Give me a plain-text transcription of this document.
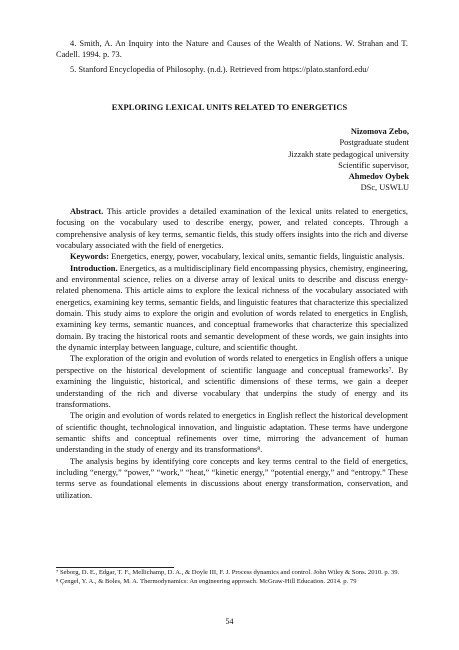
4. Smith, A. An Inquiry into the Nature and Causes of the Wealth of Nations. W. Strahan and T. Cadell. 1994. p. 73.

5. Stanford Encyclopedia of Philosophy. (n.d.). Retrieved from https://plato.stanford.edu/

EXPLORING LEXICAL UNITS RELATED TO ENERGETICS
Nizomova Zebo,
Postgraduate student
Jizzakh state pedagogical university
Scientific supervisor,
Ahmedov Oybek
DSc, USWLU

Abstract. This article provides a detailed examination of the lexical units related to energetics, focusing on the vocabulary used to describe energy, power, and related concepts. Through a comprehensive analysis of key terms, semantic fields, this study offers insights into the rich and diverse vocabulary associated with the field of energetics.

Keywords: Energetics, energy, power, vocabulary, lexical units, semantic fields, linguistic analysis.

Introduction. Energetics, as a multidisciplinary field encompassing physics, chemistry, engineering, and environmental science, relies on a diverse array of lexical units to describe and discuss energy-related phenomena. This article aims to explore the lexical richness of the vocabulary associated with energetics, examining key terms, semantic fields, and linguistic features that characterize this specialized domain. This study aims to explore the origin and evolution of words related to energetics in English, examining key terms, semantic nuances, and conceptual frameworks that characterize this specialized domain. By tracing the historical roots and semantic development of these words, we gain insights into the dynamic interplay between language, culture, and scientific thought.

The exploration of the origin and evolution of words related to energetics in English offers a unique perspective on the historical development of scientific language and conceptual frameworks⁷. By examining the linguistic, historical, and scientific dimensions of these terms, we gain a deeper understanding of the rich and diverse vocabulary that underpins the study of energy and its transformations.

The origin and evolution of words related to energetics in English reflect the historical development of scientific thought, technological innovation, and linguistic adaptation. These terms have undergone semantic shifts and conceptual refinements over time, mirroring the advancement of human understanding in the study of energy and its transformations⁸.

The analysis begins by identifying core concepts and key terms central to the field of energetics, including “energy,” “power,” “work,” “heat,” “kinetic energy,” “potential energy,” and “entropy.” These terms serve as foundational elements in discussions about energy transformation, conservation, and utilization.

⁷ Seborg, D. E., Edgar, T. F., Mellichamp, D. A., & Doyle III, F. J. Process dynamics and control. John Wiley & Sons. 2010. p. 39.

⁸ Çengel, Y. A., & Boles, M. A. Thermodynamics: An engineering approach. McGraw-Hill Education. 2014. p. 79

54
